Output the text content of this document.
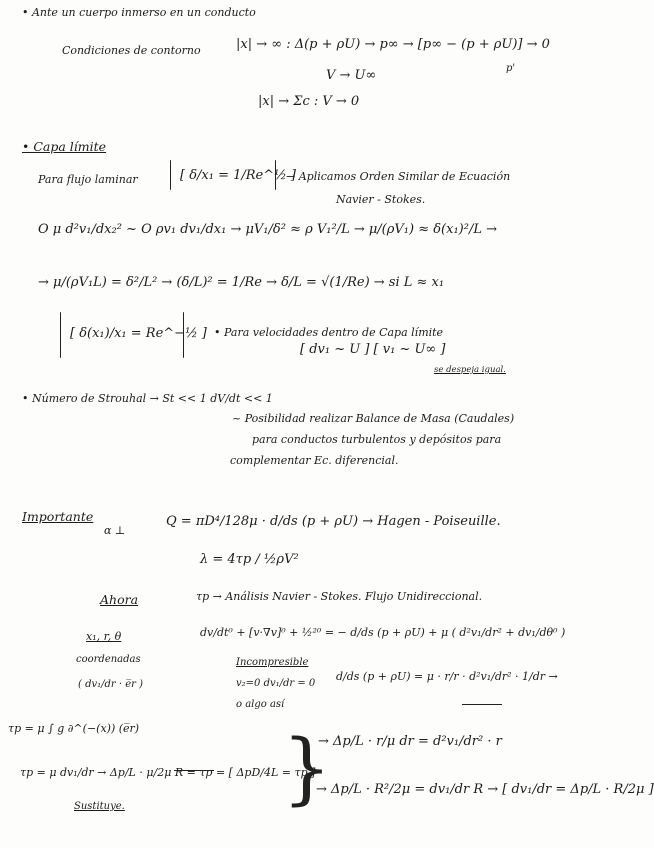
• Ante un cuerpo inmerso en un conducto
Condiciones de contorno	|x| → ∞ : Δ(p + ρU) → p∞ → [p∞ − (p + ρU)] → 0
p'
V → U∞
|x| → Σc : V → 0
• Capa límite
Para flujo laminar	[ δ/x₁ = 1/Re^½ ]
→ Aplicamos Orden Similar de Ecuación
Navier - Stokes.
O μ d²v₁/dx₂² ~ O ρv₁ dv₁/dx₁ → μV₁/δ² ≈ ρ V₁²/L → μ/(ρV₁) ≈ δ(x₁)²/L →
→ μ/(ρV₁L) = δ²/L² → (δ/L)² = 1/Re → δ/L = √(1/Re) → si L ≈ x₁
[ δ(x₁)/x₁ = Re^−½ ] • Para velocidades dentro de Capa límite
[ dv₁ ~ U ] [ v₁ ~ U∞ ]
se despeja igual.
• Número de Strouhal → St << 1 dV/dt << 1
~ Posibilidad realizar Balance de Masa (Caudales)
para conductos turbulentos y depósitos para
complementar Ec. diferencial.
Importante
α ⊥
Q = πD⁴/128μ · d/ds (p + ρU) → Hagen - Poiseuille.
λ = 4τp / ½ρV²
Ahora	τp → Análisis Navier - Stokes. Flujo Unidireccional.
x₁, r, θ
coordenadas
dv/dt⁰ + [v·∇v]⁰ + ½²⁰ = − d/ds (p + ρU) + μ ( d²v₁/dr² + dv₁/dθ⁰ )
( dv₁/dr · e̅r )
Incompresible
v₂=0 dv₁/dr = 0
o algo así
d/ds (p + ρU) = μ · r/r · d²v₁/dr² · 1/dr →
τp = μ ∫ g ∂^(−(x)) (e̅r)
→ Δp/L · r/μ dr = d²v₁/dr² · r
τp = μ dv₁/dr → Δp/L · μ/2μ R = τp = [ ΔpD/4L = τp ]
Sustituye. }
→ Δp/L · R²/2μ = dv₁/dr R → [ dv₁/dr = Δp/L · R/2μ ]
